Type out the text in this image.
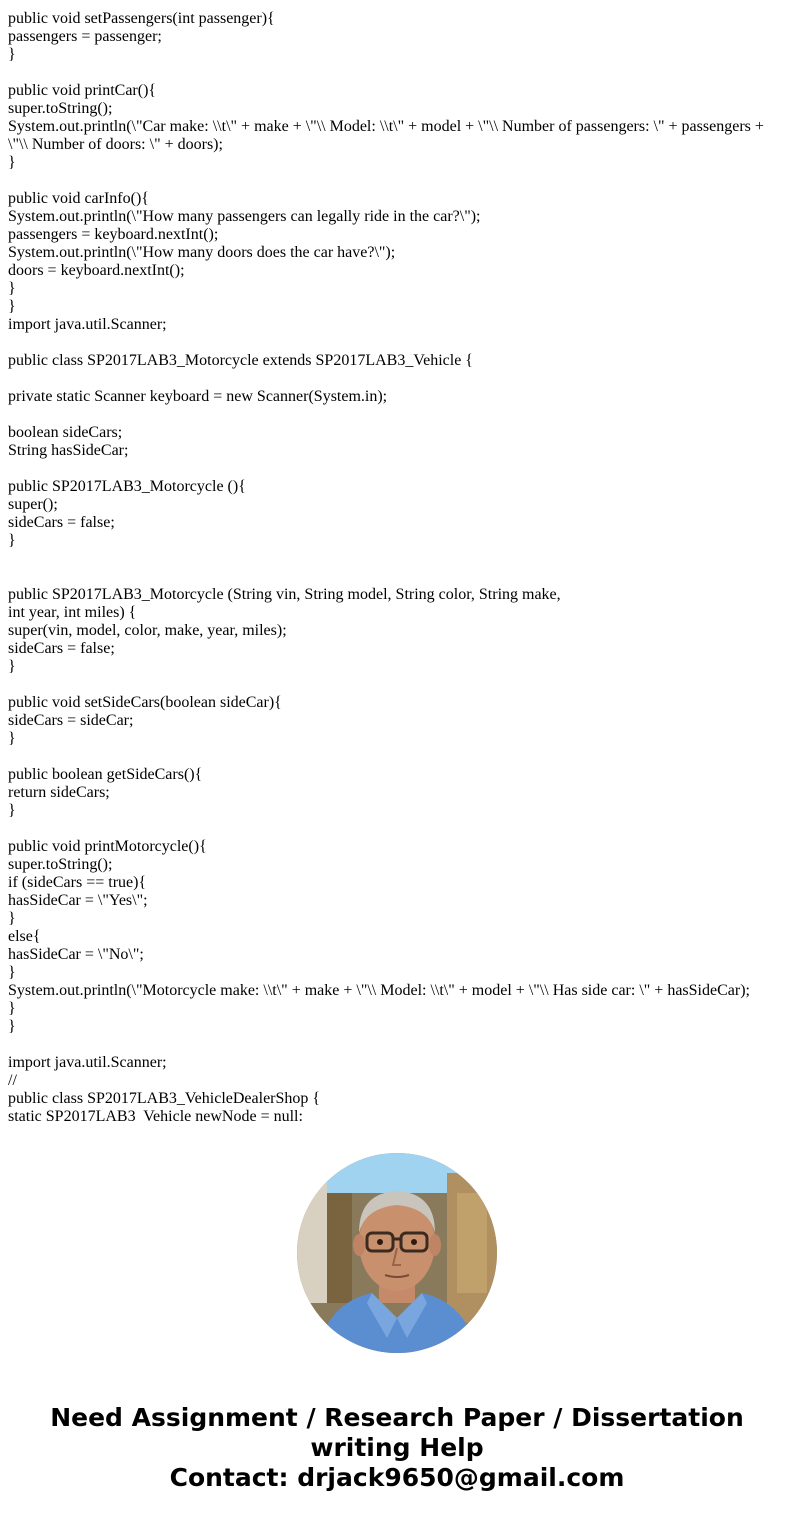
public void setPassengers(int passenger){
passengers = passenger;
}
public void printCar(){
super.toString();
System.out.println(\"Car make: \\t\" + make + \"\\ Model: \\t\" + model + \"\\ Number of passengers: \" + passengers +
\"\\ Number of doors: \" + doors);
}
public void carInfo(){
System.out.println(\"How many passengers can legally ride in the car?\");
passengers = keyboard.nextInt();
System.out.println(\"How many doors does the car have?\");
doors = keyboard.nextInt();
}
}
import java.util.Scanner;
public class SP2017LAB3_Motorcycle extends SP2017LAB3_Vehicle {
private static Scanner keyboard = new Scanner(System.in);
boolean sideCars;
String hasSideCar;
public SP2017LAB3_Motorcycle (){
super();
sideCars = false;
}
public SP2017LAB3_Motorcycle (String vin, String model, String color, String make,
int year, int miles) {
super(vin, model, color, make, year, miles);
sideCars = false;
}
public void setSideCars(boolean sideCar){
sideCars = sideCar;
}
public boolean getSideCars(){
return sideCars;
}
public void printMotorcycle(){
super.toString();
if (sideCars == true){
hasSideCar = \"Yes\";
}
else{
hasSideCar = \"No\";
}
System.out.println(\"Motorcycle make: \\t\" + make + \"\\ Model: \\t\" + model + \"\\ Has side car: \" + hasSideCar);
}
}
import java.util.Scanner;
//
public class SP2017LAB3_VehicleDealerShop {
static SP2017LAB3  Vehicle newNode = null:
Need Assignment / Research Paper / Dissertation
writing Help
Contact: drjack9650@gmail.com
